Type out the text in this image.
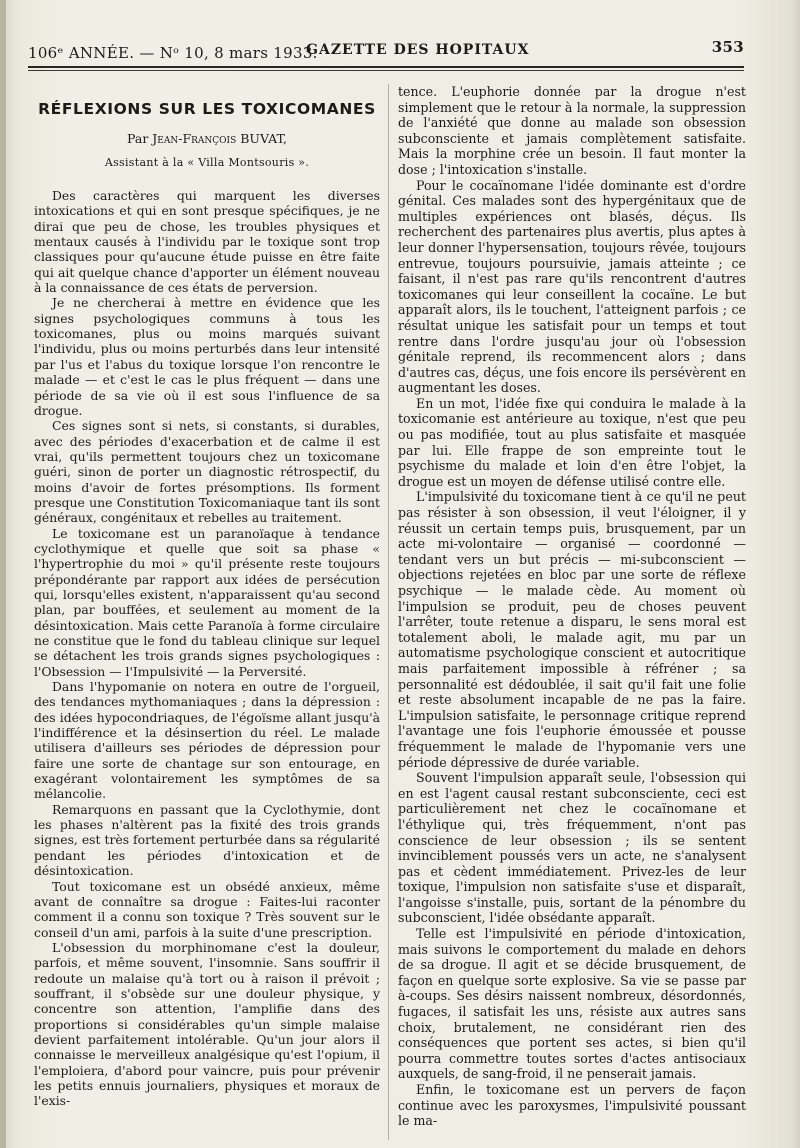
106ᵉ ANNÉE. — Nᵒ 10, 8 mars 1933.
GAZETTE DES HOPITAUX	353
RÉFLEXIONS SUR LES TOXICOMANES
Par Jean-François BUVAT,
Assistant à la « Villa Montsouris ».

Des caractères qui marquent les diverses intoxications et qui en sont presque spécifiques, je ne dirai que peu de chose, les troubles physiques et mentaux causés à l'individu par le toxique sont trop classiques pour qu'aucune étude puisse en être faite qui ait quelque chance d'apporter un élément nouveau à la connaissance de ces états de perversion.

Je ne chercherai à mettre en évidence que les signes psychologiques communs à tous les toxicomanes, plus ou moins marqués suivant l'individu, plus ou moins perturbés dans leur intensité par l'us et l'abus du toxique lorsque l'on rencontre le malade — et c'est le cas le plus fréquent — dans une période de sa vie où il est sous l'influence de sa drogue.

Ces signes sont si nets, si constants, si durables, avec des périodes d'exacerbation et de calme il est vrai, qu'ils permettent toujours chez un toxicomane guéri, sinon de porter un diagnostic rétrospectif, du moins d'avoir de fortes présomptions. Ils forment presque une Constitution Toxicomaniaque tant ils sont généraux, congénitaux et rebelles au traitement.

Le toxicomane est un paranoïaque à tendance cyclothymique et quelle que soit sa phase « l'hypertrophie du moi » qu'il présente reste toujours prépondérante par rapport aux idées de persécution qui, lorsqu'elles existent, n'apparaissent qu'au second plan, par bouffées, et seulement au moment de la désintoxication. Mais cette Paranoïa à forme circulaire ne constitue que le fond du tableau clinique sur lequel se détachent les trois grands signes psychologiques : l'Obsession — l'Impulsivité — la Perversité.

Dans l'hypomanie on notera en outre de l'orgueil, des tendances mythomaniaques ; dans la dépression : des idées hypocondriaques, de l'égoïsme allant jusqu'à l'indifférence et la désinsertion du réel. Le malade utilisera d'ailleurs ses périodes de dépression pour faire une sorte de chantage sur son entourage, en exagérant volontairement les symptômes de sa mélancolie.

Remarquons en passant que la Cyclothymie, dont les phases n'altèrent pas la fixité des trois grands signes, est très fortement perturbée dans sa régularité pendant les périodes d'intoxication et de désintoxication.

Tout toxicomane est un obsédé anxieux, même avant de connaître sa drogue : Faites-lui raconter comment il a connu son toxique ? Très souvent sur le conseil d'un ami, parfois à la suite d'une prescription.

L'obsession du morphinomane c'est la douleur, parfois, et même souvent, l'insomnie. Sans souffrir il redoute un malaise qu'à tort ou à raison il prévoit ; souffrant, il s'obsède sur une douleur physique, y concentre son attention, l'amplifie dans des proportions si considérables qu'un simple malaise devient parfaitement intolérable. Qu'un jour alors il connaisse le merveilleux analgésique qu'est l'opium, il l'emploiera, d'abord pour vaincre, puis pour prévenir les petits ennuis journaliers, physiques et moraux de l'exis-

tence. L'euphorie donnée par la drogue n'est simplement que le retour à la normale, la suppression de l'anxiété que donne au malade son obsession subconsciente et jamais complètement satisfaite. Mais la morphine crée un besoin. Il faut monter la dose ; l'intoxication s'installe.

Pour le cocaïnomane l'idée dominante est d'ordre génital. Ces malades sont des hypergénitaux que de multiples expériences ont blasés, déçus. Ils recherchent des partenaires plus avertis, plus aptes à leur donner l'hypersensation, toujours rêvée, toujours entrevue, toujours poursuivie, jamais atteinte ; ce faisant, il n'est pas rare qu'ils rencontrent d'autres toxicomanes qui leur conseillent la cocaïne. Le but apparaît alors, ils le touchent, l'atteignent parfois ; ce résultat unique les satisfait pour un temps et tout rentre dans l'ordre jusqu'au jour où l'obsession génitale reprend, ils recommencent alors ; dans d'autres cas, déçus, une fois encore ils persévèrent en augmentant les doses.

En un mot, l'idée fixe qui conduira le malade à la toxicomanie est antérieure au toxique, n'est que peu ou pas modifiée, tout au plus satisfaite et masquée par lui. Elle frappe de son empreinte tout le psychisme du malade et loin d'en être l'objet, la drogue est un moyen de défense utilisé contre elle.

L'impulsivité du toxicomane tient à ce qu'il ne peut pas résister à son obsession, il veut l'éloigner, il y réussit un certain temps puis, brusquement, par un acte mi-volontaire — organisé — coordonné — tendant vers un but précis — mi-subconscient — objections rejetées en bloc par une sorte de réflexe psychique — le malade cède. Au moment où l'impulsion se produit, peu de choses peuvent l'arrêter, toute retenue a disparu, le sens moral est totalement aboli, le malade agit, mu par un automatisme psychologique conscient et autocritique mais parfaitement impossible à réfréner ; sa personnalité est dédoublée, il sait qu'il fait une folie et reste absolument incapable de ne pas la faire. L'impulsion satisfaite, le personnage critique reprend l'avantage une fois l'euphorie émoussée et pousse fréquemment le malade de l'hypomanie vers une période dépressive de durée variable.

Souvent l'impulsion apparaît seule, l'obsession qui en est l'agent causal restant subconsciente, ceci est particulièrement net chez le cocaïnomane et l'éthylique qui, très fréquemment, n'ont pas conscience de leur obsession ; ils se sentent invinciblement poussés vers un acte, ne s'analysent pas et cèdent immédiatement. Privez-les de leur toxique, l'impulsion non satisfaite s'use et disparaît, l'angoisse s'installe, puis, sortant de la pénombre du subconscient, l'idée obsédante apparaît.

Telle est l'impulsivité en période d'intoxication, mais suivons le comportement du malade en dehors de sa drogue. Il agit et se décide brusquement, de façon en quelque sorte explosive. Sa vie se passe par à-coups. Ses désirs naissent nombreux, désordonnés, fugaces, il satisfait les uns, résiste aux autres sans choix, brutalement, ne considérant rien des conséquences que portent ses actes, si bien qu'il pourra commettre toutes sortes d'actes antisociaux auxquels, de sang-froid, il ne penserait jamais.

Enfin, le toxicomane est un pervers de façon continue avec les paroxysmes, l'impulsivité poussant le ma-
